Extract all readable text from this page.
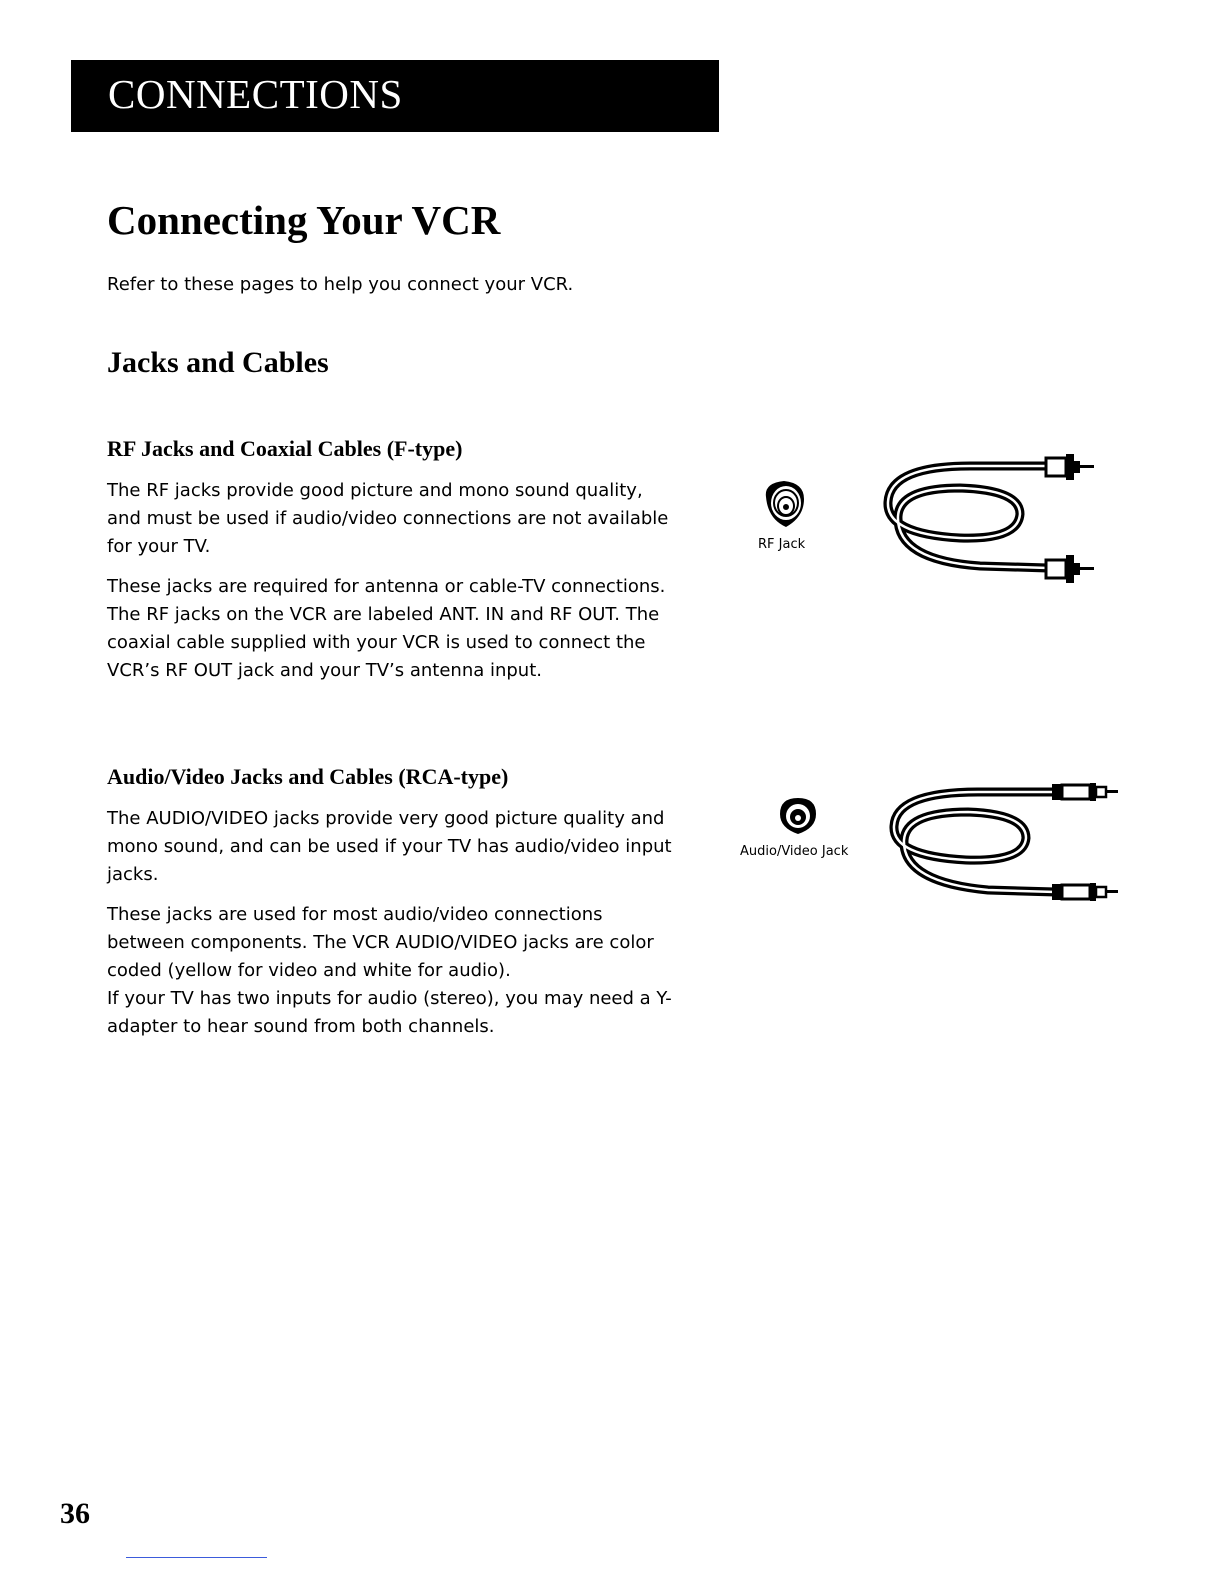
CONNECTIONS
Connecting Your VCR
Refer to these pages to help you connect your VCR.
Jacks and Cables
RF Jacks and Coaxial Cables (F-type)

The RF jacks provide good picture and mono sound quality,

and must be used if audio/video connections are not available

for your TV.

These jacks are required for antenna or cable-TV connections.

The RF jacks on the VCR are labeled ANT. IN and RF OUT. The

coaxial cable supplied with your VCR is used to connect the

VCR’s RF OUT jack and your TV’s antenna input.

RF Jack
Audio/Video Jacks and Cables (RCA-type)

The AUDIO/VIDEO jacks provide very good picture quality and

mono sound, and can be used if your TV has audio/video input

jacks.

These jacks are used for most audio/video connections

between components. The VCR AUDIO/VIDEO jacks are color

coded (yellow for video and white for audio).

If your TV has two inputs for audio (stereo), you may need a Y-

adapter to hear sound from both channels.

Audio/Video Jack
36
